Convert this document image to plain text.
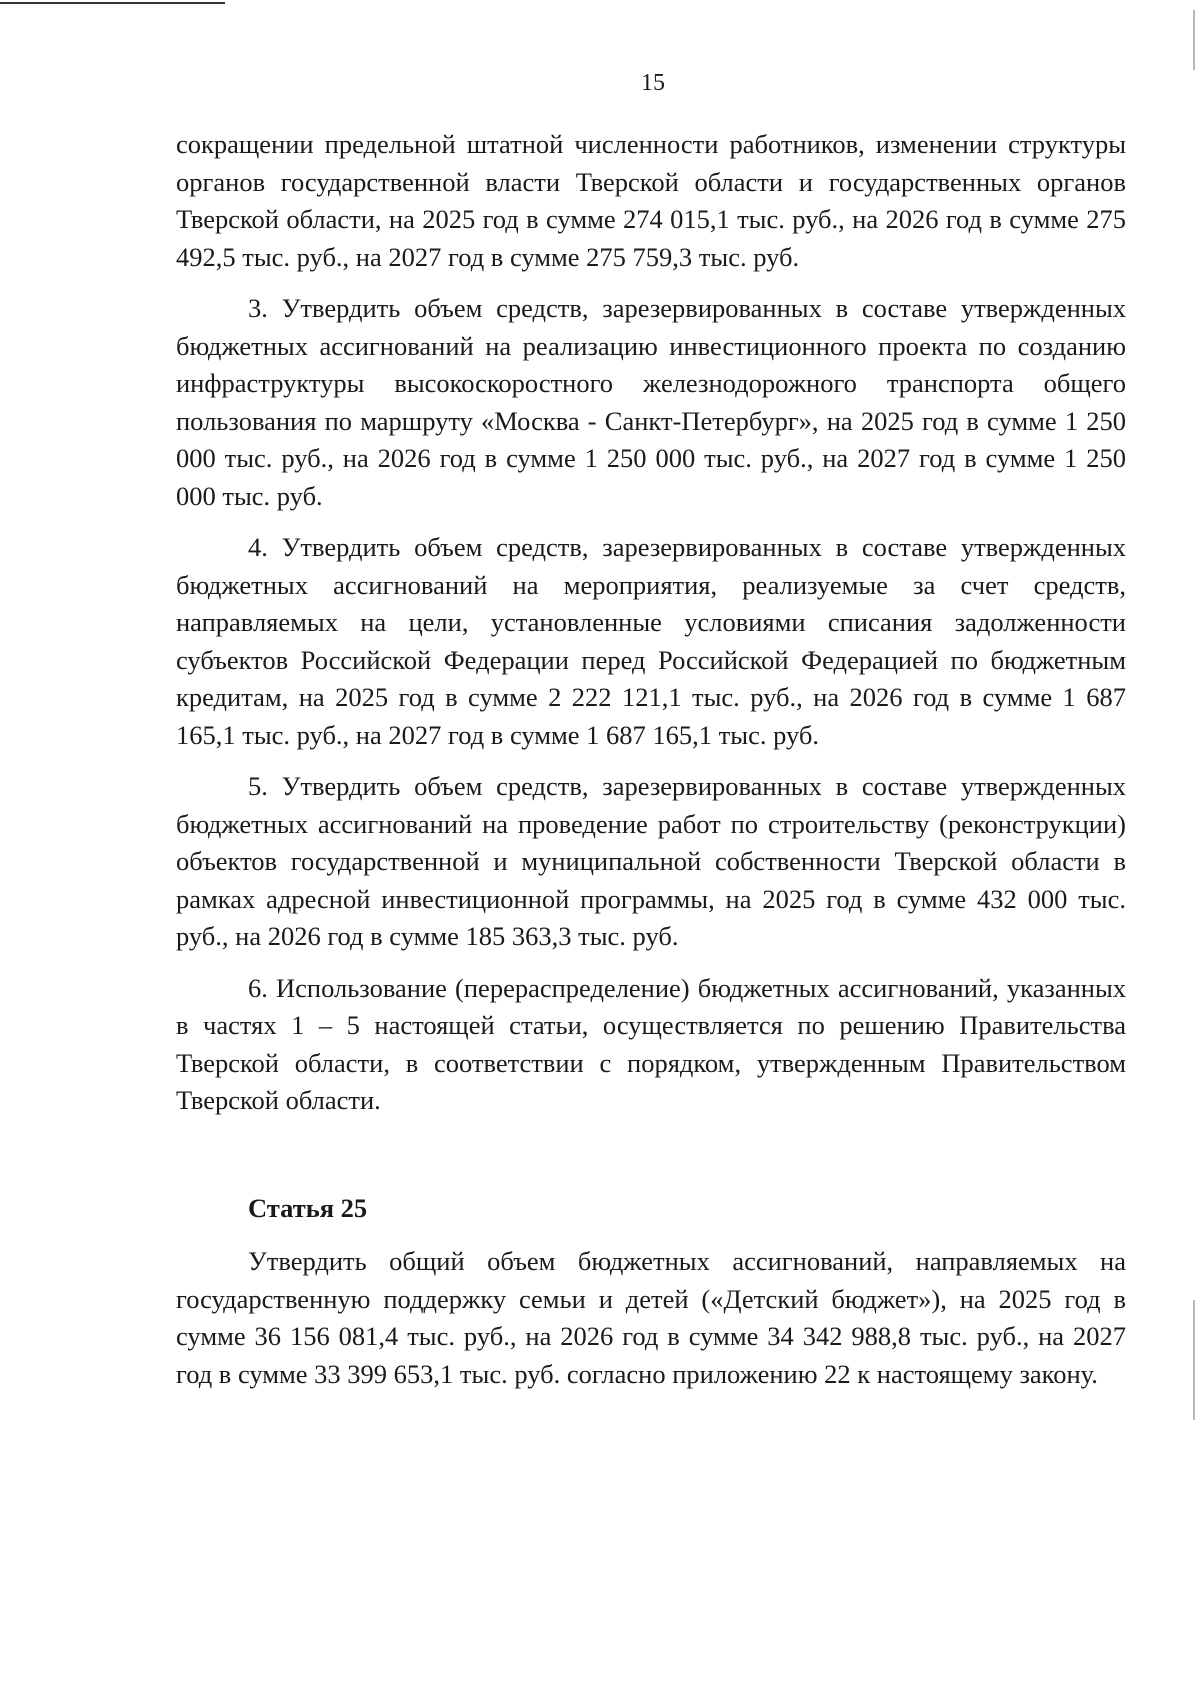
15

сокращении предельной штатной численности работников, изменении структуры органов государственной власти Тверской области и государственных органов Тверской области, на 2025 год в сумме 274 015,1 тыс. руб., на 2026 год в сумме 275 492,5 тыс. руб., на 2027 год в сумме 275 759,3 тыс. руб.

3. Утвердить объем средств, зарезервированных в составе утвержденных бюджетных ассигнований на реализацию инвестиционного проекта по созданию инфраструктуры высокоскоростного железнодорожного транспорта общего пользования по маршруту «Москва - Санкт-Петербург», на 2025 год в сумме 1 250 000 тыс. руб., на 2026 год в сумме 1 250 000 тыс. руб., на 2027 год в сумме 1 250 000 тыс. руб.

4. Утвердить объем средств, зарезервированных в составе утвержденных бюджетных ассигнований на мероприятия, реализуемые за счет средств, направляемых на цели, установленные условиями списания задолженности субъектов Российской Федерации перед Российской Федерацией по бюджетным кредитам, на 2025 год в сумме 2 222 121,1 тыс. руб., на 2026 год в сумме 1 687 165,1 тыс. руб., на 2027 год в сумме 1 687 165,1 тыс. руб.

5. Утвердить объем средств, зарезервированных в составе утвержденных бюджетных ассигнований на проведение работ по строительству (реконструкции) объектов государственной и муниципальной собственности Тверской области в рамках адресной инвестиционной программы, на 2025 год в сумме 432 000 тыс. руб., на 2026 год в сумме 185 363,3 тыс. руб.

6. Использование (перераспределение) бюджетных ассигнований, указанных в частях 1 – 5 настоящей статьи, осуществляется по решению Правительства Тверской области, в соответствии с порядком, утвержденным Правительством Тверской области.

Статья 25

Утвердить общий объем бюджетных ассигнований, направляемых на государственную поддержку семьи и детей («Детский бюджет»), на 2025 год в сумме 36 156 081,4 тыс. руб., на 2026 год в сумме 34 342 988,8 тыс. руб., на 2027 год в сумме 33 399 653,1 тыс. руб. согласно приложению 22 к настоящему закону.
